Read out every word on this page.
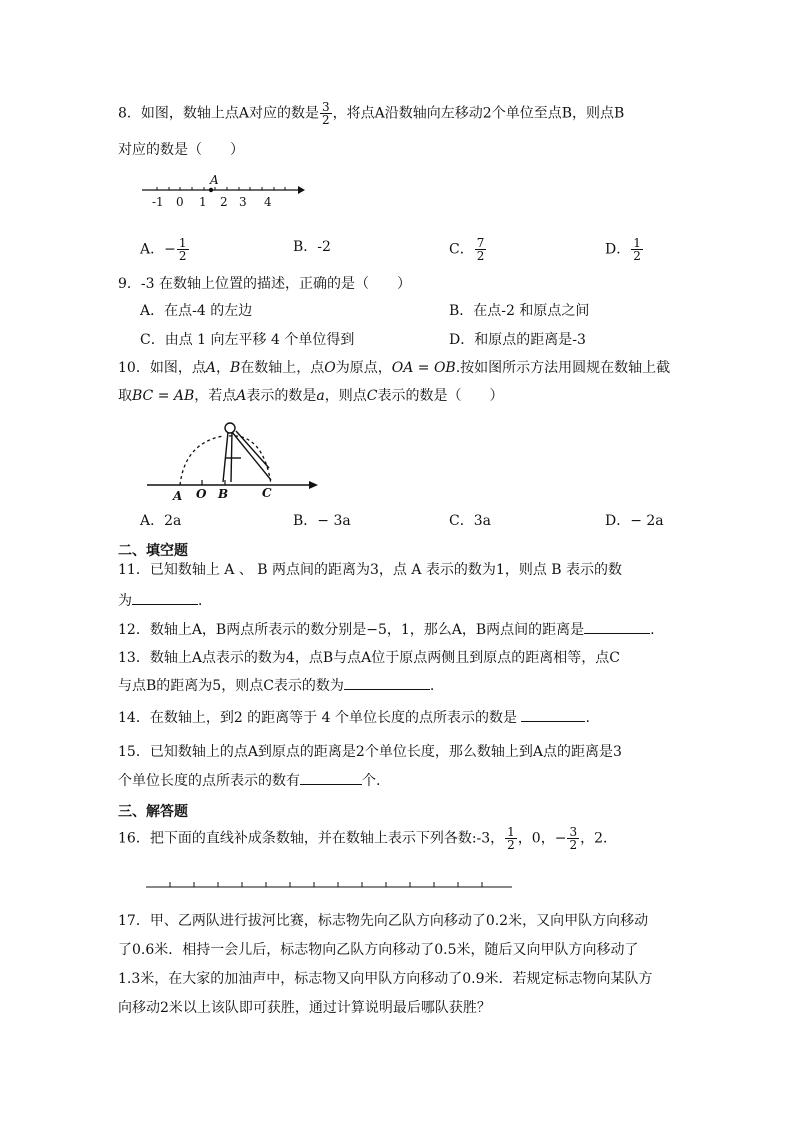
8．如图，数轴上点A对应的数是 $\frac{3}{2}$ ，将点A沿数轴向左移动2个单位至点B，则点B
对应的数是（　　）
A
-1 0 1 2 3 4
A．− $\frac{1}{2}$	B．-2	C． $\frac{7}{2}$	D． $\frac{1}{2}$
9．-3 在数轴上位置的描述，正确的是（　　）
A．在点-4 的左边	B．在点-2 和原点之间
C．由点 1 向左平移 4 个单位得到	D．和原点的距离是-3
10．如图，点A，B在数轴上，点O为原点，OA = OB.按如图所示方法用圆规在数轴上截
取BC = AB，若点A表示的数是a，则点C表示的数是（　　）
A O B	C
A．2a	B．− 3a	C．3a	D．− 2a
二、填空题
11．已知数轴上 A 、 B 两点间的距离为3，点 A 表示的数为1，则点 B 表示的数
为	．
12．数轴上A，B两点所表示的数分别是−5，1，那么A，B两点间的距离是	.
13．数轴上A点表示的数为4，点B与点A位于原点两侧且到原点的距离相等，点C
与点B的距离为5，则点C表示的数为	.
14．在数轴上，到2 的距离等于 4 个单位长度的点所表示的数是	.
15．已知数轴上的点A到原点的距离是2个单位长度，那么数轴上到A点的距离是3
个单位长度的点所表示的数有	个.
三、解答题
16．把下面的直线补成条数轴，并在数轴上表示下列各数:-3， $\frac{1}{2}$ ，0，− $\frac{3}{2}$ ，2．
17．甲、乙两队进行拔河比赛，标志物先向乙队方向移动了0.2米，又向甲队方向移动
了0.6米．相持一会儿后，标志物向乙队方向移动了0.5米，随后又向甲队方向移动了
1.3米，在大家的加油声中，标志物又向甲队方向移动了0.9米．若规定标志物向某队方
向移动2米以上该队即可获胜，通过计算说明最后哪队获胜？
